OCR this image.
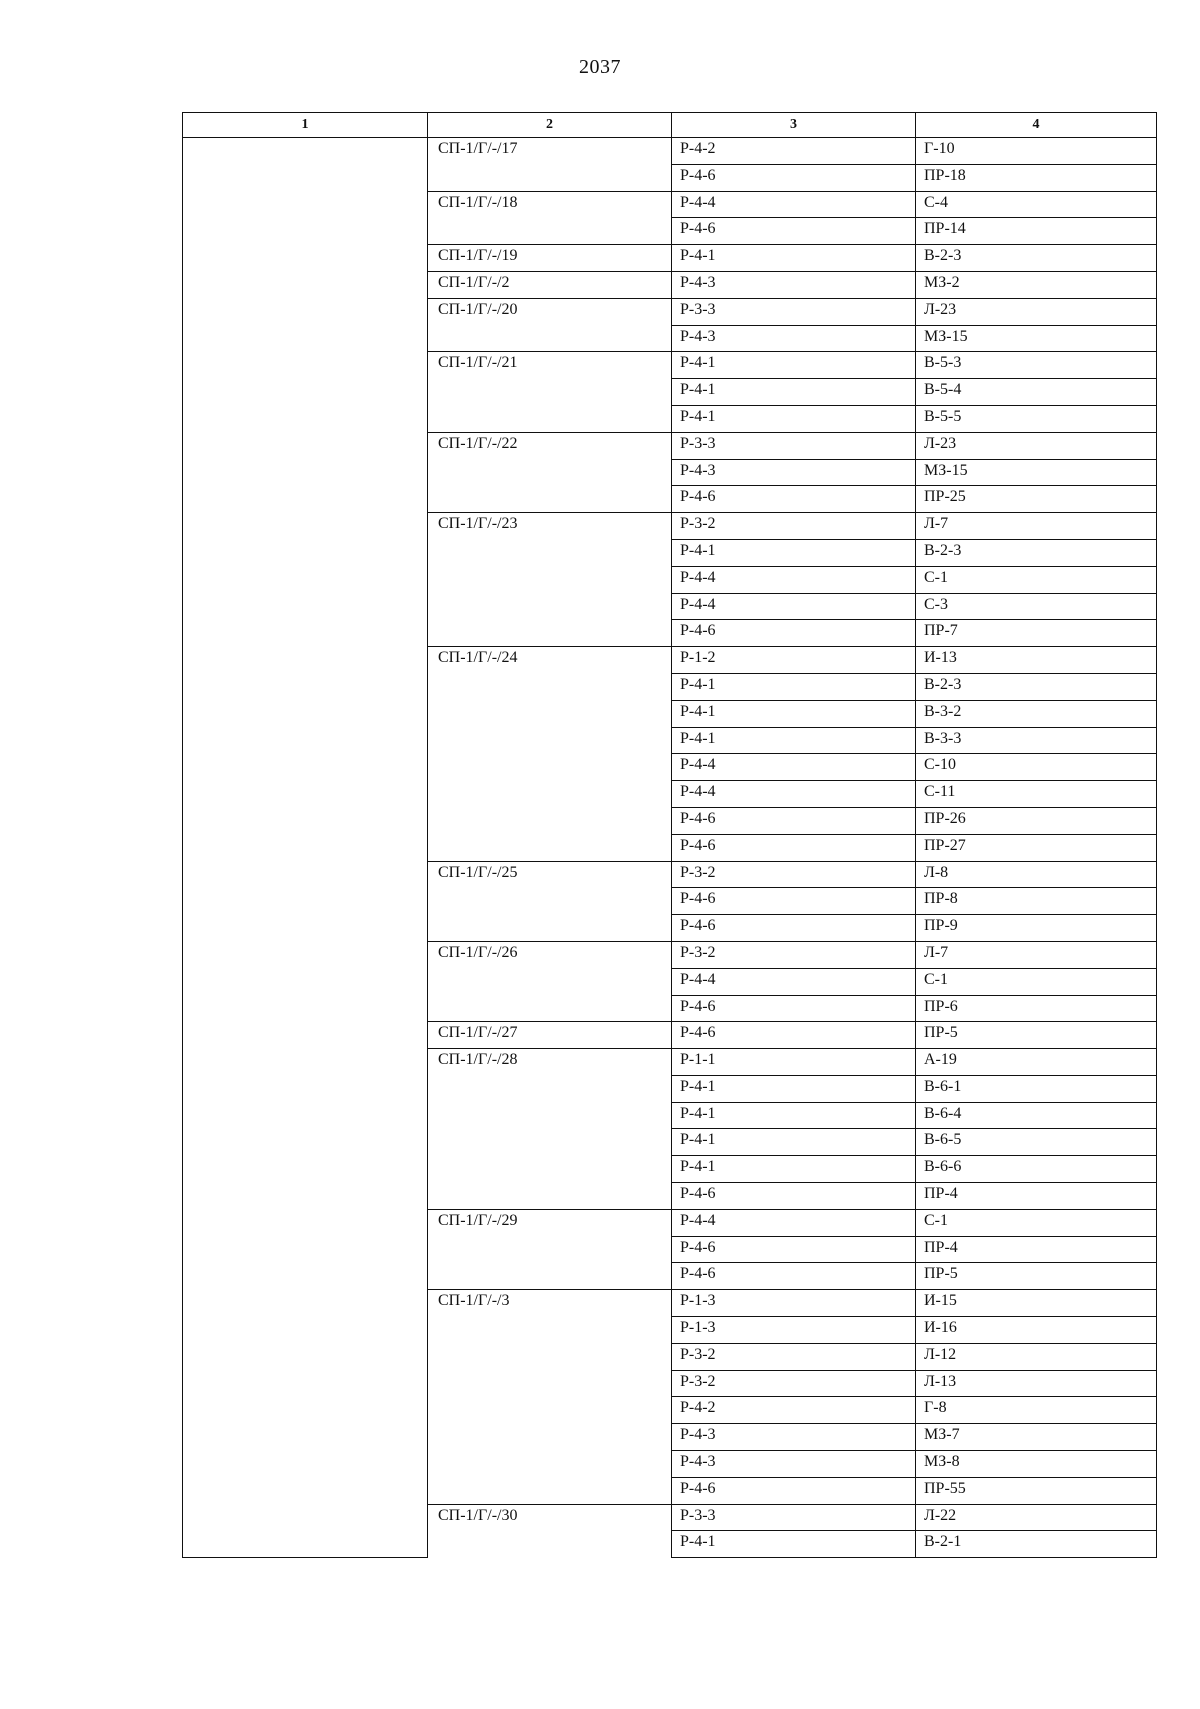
2037
1	2	3	4
	СП-1/Г/-/17	Р-4-2	Г-10
		Р-4-6	ПР-18
	СП-1/Г/-/18	Р-4-4	С-4
		Р-4-6	ПР-14
	СП-1/Г/-/19	Р-4-1	В-2-3
	СП-1/Г/-/2	Р-4-3	МЗ-2
	СП-1/Г/-/20	Р-3-3	Л-23
		Р-4-3	МЗ-15
	СП-1/Г/-/21	Р-4-1	В-5-3
		Р-4-1	В-5-4
		Р-4-1	В-5-5
	СП-1/Г/-/22	Р-3-3	Л-23
		Р-4-3	МЗ-15
		Р-4-6	ПР-25
	СП-1/Г/-/23	Р-3-2	Л-7
		Р-4-1	В-2-3
		Р-4-4	С-1
		Р-4-4	С-3
		Р-4-6	ПР-7
	СП-1/Г/-/24	Р-1-2	И-13
		Р-4-1	В-2-3
		Р-4-1	В-3-2
		Р-4-1	В-3-3
		Р-4-4	С-10
		Р-4-4	С-11
		Р-4-6	ПР-26
		Р-4-6	ПР-27
	СП-1/Г/-/25	Р-3-2	Л-8
		Р-4-6	ПР-8
		Р-4-6	ПР-9
	СП-1/Г/-/26	Р-3-2	Л-7
		Р-4-4	С-1
		Р-4-6	ПР-6
	СП-1/Г/-/27	Р-4-6	ПР-5
	СП-1/Г/-/28	Р-1-1	А-19
		Р-4-1	В-6-1
		Р-4-1	В-6-4
		Р-4-1	В-6-5
		Р-4-1	В-6-6
		Р-4-6	ПР-4
	СП-1/Г/-/29	Р-4-4	С-1
		Р-4-6	ПР-4
		Р-4-6	ПР-5
	СП-1/Г/-/3	Р-1-3	И-15
		Р-1-3	И-16
		Р-3-2	Л-12
		Р-3-2	Л-13
		Р-4-2	Г-8
		Р-4-3	МЗ-7
		Р-4-3	МЗ-8
		Р-4-6	ПР-55
	СП-1/Г/-/30	Р-3-3	Л-22
		Р-4-1	В-2-1
